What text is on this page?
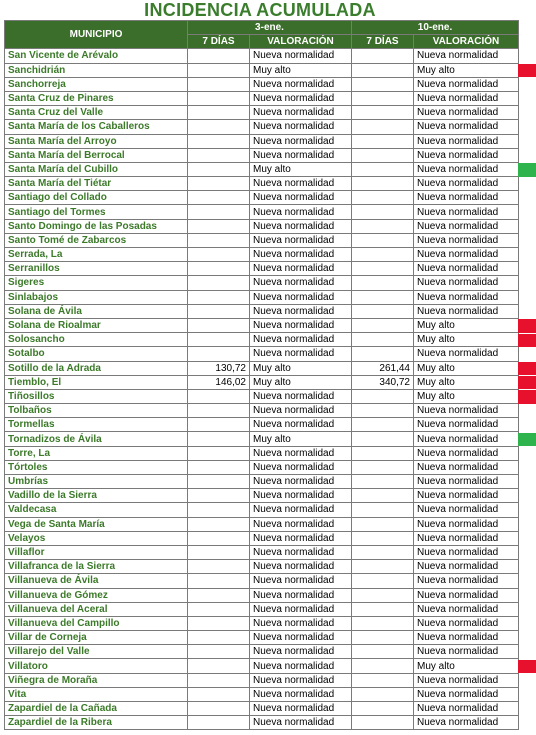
INCIDENCIA ACUMULADA
MUNICIPIO	3-ene.		10-ene.	
	7 DÍAS	VALORACIÓN	7 DÍAS	VALORACIÓN
San Vicente de Arévalo		Nueva normalidad		Nueva normalidad
Sanchidrián		Muy alto		Muy alto
Sanchorreja		Nueva normalidad		Nueva normalidad
Santa Cruz de Pinares		Nueva normalidad		Nueva normalidad
Santa Cruz del Valle		Nueva normalidad		Nueva normalidad
Santa María de los Caballeros		Nueva normalidad		Nueva normalidad
Santa María del Arroyo		Nueva normalidad		Nueva normalidad
Santa María del Berrocal		Nueva normalidad		Nueva normalidad
Santa María del Cubillo		Muy alto		Nueva normalidad
Santa María del Tiétar		Nueva normalidad		Nueva normalidad
Santiago del Collado		Nueva normalidad		Nueva normalidad
Santiago del Tormes		Nueva normalidad		Nueva normalidad
Santo Domingo de las Posadas		Nueva normalidad		Nueva normalidad
Santo Tomé de Zabarcos		Nueva normalidad		Nueva normalidad
Serrada, La		Nueva normalidad		Nueva normalidad
Serranillos		Nueva normalidad		Nueva normalidad
Sigeres		Nueva normalidad		Nueva normalidad
Sinlabajos		Nueva normalidad		Nueva normalidad
Solana de Ávila		Nueva normalidad		Nueva normalidad
Solana de Rioalmar		Nueva normalidad		Muy alto
Solosancho		Nueva normalidad		Muy alto
Sotalbo		Nueva normalidad		Nueva normalidad
Sotillo de la Adrada	130,72	Muy alto	261,44	Muy alto
Tiemblo, El	146,02	Muy alto	340,72	Muy alto
Tiñosillos		Nueva normalidad		Muy alto
Tolbaños		Nueva normalidad		Nueva normalidad
Tormellas		Nueva normalidad		Nueva normalidad
Tornadizos de Ávila		Muy alto		Nueva normalidad
Torre, La		Nueva normalidad		Nueva normalidad
Tórtoles		Nueva normalidad		Nueva normalidad
Umbrías		Nueva normalidad		Nueva normalidad
Vadillo de la Sierra		Nueva normalidad		Nueva normalidad
Valdecasa		Nueva normalidad		Nueva normalidad
Vega de Santa María		Nueva normalidad		Nueva normalidad
Velayos		Nueva normalidad		Nueva normalidad
Villaflor		Nueva normalidad		Nueva normalidad
Villafranca de la Sierra		Nueva normalidad		Nueva normalidad
Villanueva de Ávila		Nueva normalidad		Nueva normalidad
Villanueva de Gómez		Nueva normalidad		Nueva normalidad
Villanueva del Aceral		Nueva normalidad		Nueva normalidad
Villanueva del Campillo		Nueva normalidad		Nueva normalidad
Villar de Corneja		Nueva normalidad		Nueva normalidad
Villarejo del Valle		Nueva normalidad		Nueva normalidad
Villatoro		Nueva normalidad		Muy alto
Viñegra de Moraña		Nueva normalidad		Nueva normalidad
Vita		Nueva normalidad		Nueva normalidad
Zapardiel de la Cañada		Nueva normalidad		Nueva normalidad
Zapardiel de la Ribera		Nueva normalidad		Nueva normalidad
